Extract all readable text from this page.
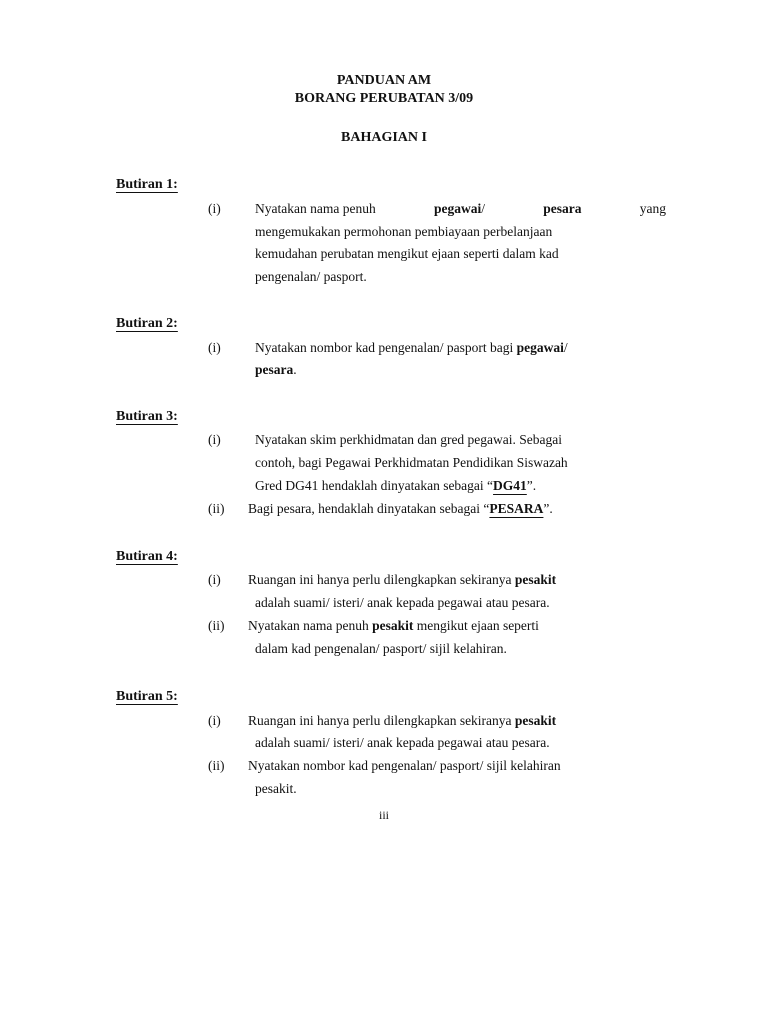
PANDUAN AM
BORANG PERUBATAN 3/09
BAHAGIAN I
Butiran 1:
(i)	Nyatakan nama penuh	pegawai/	pesara	yang
mengemukakan permohonan pembiayaan perbelanjaan
kemudahan perubatan mengikut ejaan seperti dalam kad
pengenalan/ pasport.
Butiran 2:
(i)	Nyatakan nombor kad pengenalan/ pasport bagi pegawai/
pesara.
Butiran 3:
(i)	Nyatakan skim perkhidmatan dan gred pegawai. Sebagai
contoh, bagi Pegawai Perkhidmatan Pendidikan Siswazah
Gred DG41 hendaklah dinyatakan sebagai “DG41”.
(ii) Bagi pesara, hendaklah dinyatakan sebagai “PESARA”.
Butiran 4:
(i) Ruangan ini hanya perlu dilengkapkan sekiranya pesakit
adalah suami/ isteri/ anak kepada pegawai atau pesara.
(ii) Nyatakan nama penuh pesakit mengikut ejaan seperti
dalam kad pengenalan/ pasport/ sijil kelahiran.
Butiran 5:
(i) Ruangan ini hanya perlu dilengkapkan sekiranya pesakit
adalah suami/ isteri/ anak kepada pegawai atau pesara.
(ii) Nyatakan nombor kad pengenalan/ pasport/ sijil kelahiran
pesakit.
iii
